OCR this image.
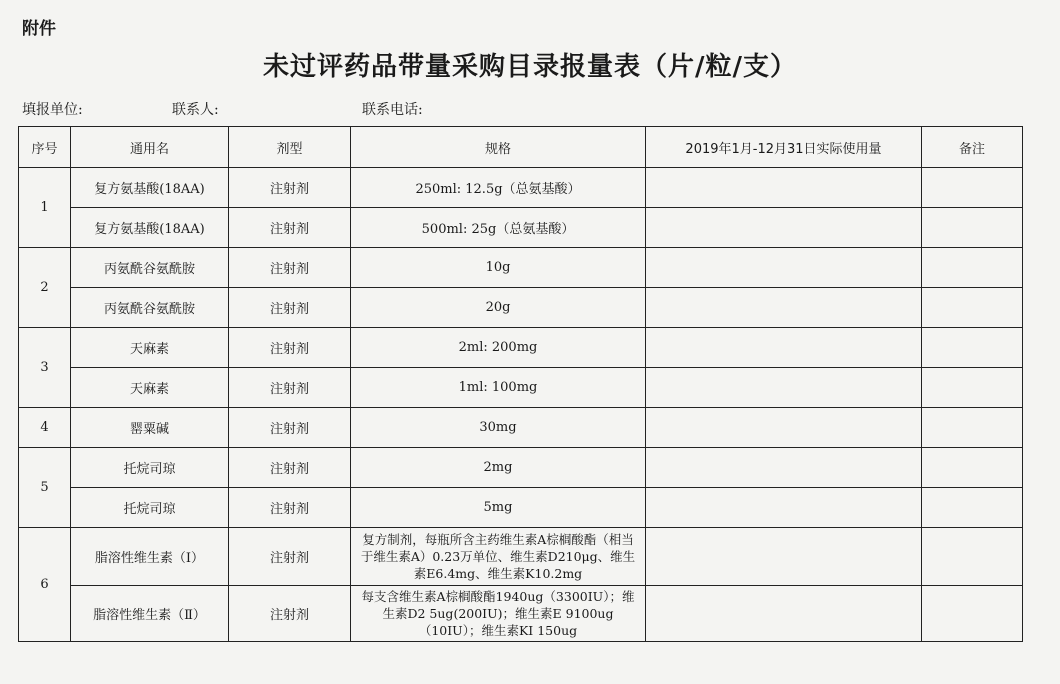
附件
未过评药品带量采购目录报量表（片/粒/支）
填报单位:	联系人:	联系电话:
序号	通用名	剂型	规格	2019年1月-12月31日实际使用量	备注
1	复方氨基酸(18AA)	注射剂	250ml: 12.5g（总氨基酸）		
	复方氨基酸(18AA)	注射剂	500ml: 25g（总氨基酸）		
2	丙氨酰谷氨酰胺	注射剂	10g		
	丙氨酰谷氨酰胺	注射剂	20g		
3	天麻素	注射剂	2ml: 200mg		
	天麻素	注射剂	1ml: 100mg		
4	罂粟碱	注射剂	30mg		
5	托烷司琼	注射剂	2mg		
	托烷司琼	注射剂	5mg		
6	脂溶性维生素（Ⅰ）	注射剂	复方制剂，每瓶所含主药维生素A棕榈酸酯（相当于维生素A）0.23万单位、维生素D210μg、维生素E6.4mg、维生素K10.2mg		
	脂溶性维生素（Ⅱ）	注射剂	每支含维生素A棕榈酸酯1940ug（3300IU）；维生素D2 5ug(200IU)；维生素E 9100ug（10IU）；维生素KI 150ug		
